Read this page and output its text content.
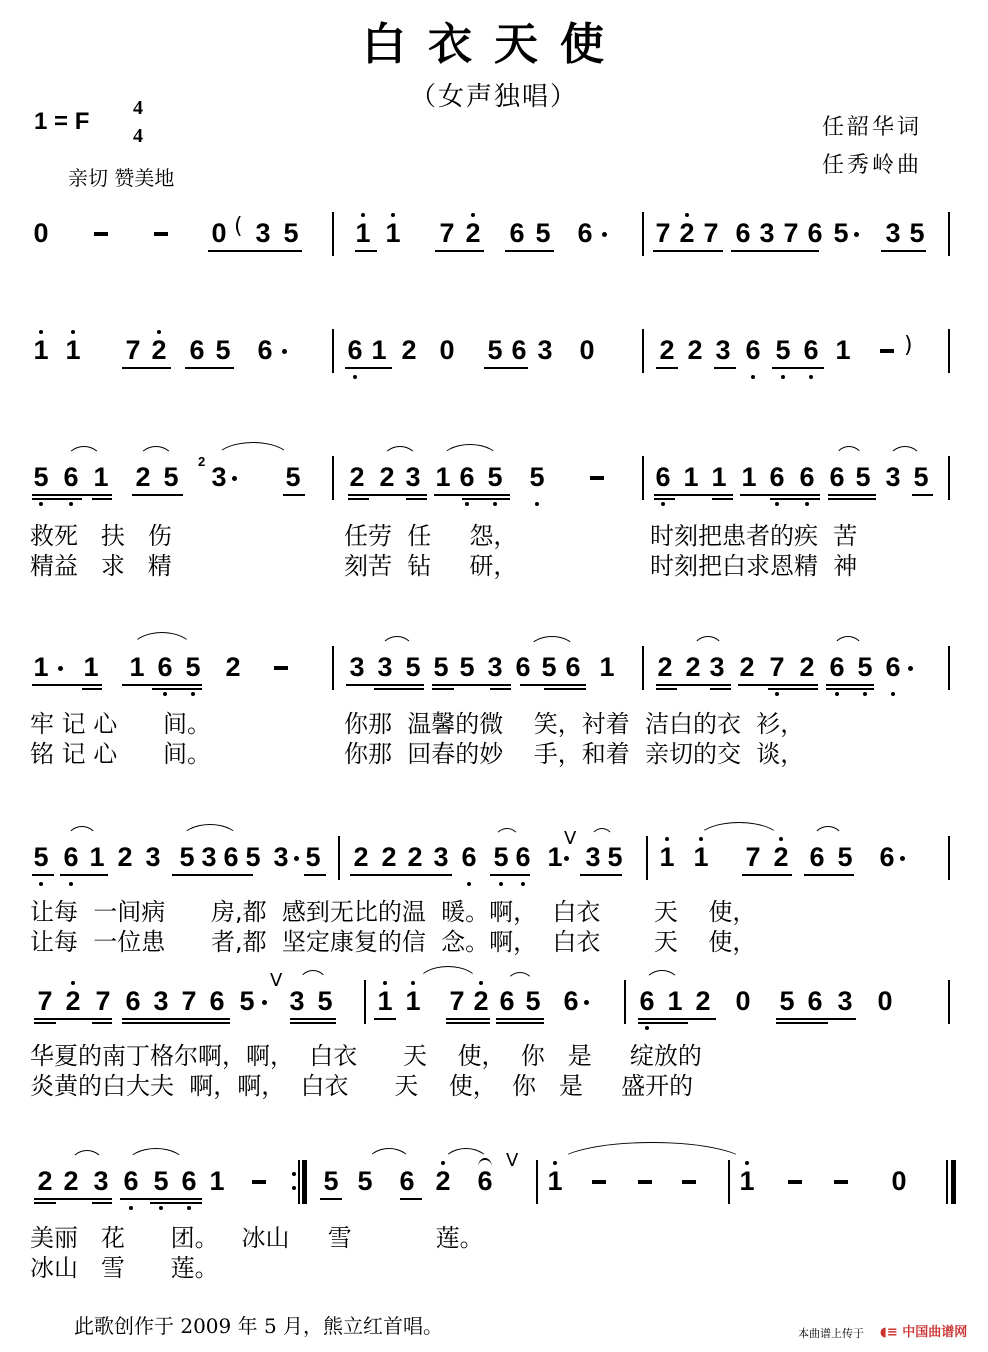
白衣天使
（女声独唱）
1 = F 4
4
亲切 赞美地
任韶华词
任秀岭曲
0	0 3 5 1 1 7 2 6 5 6 7 2 7 6 3 7 6 5 3 5
(
1 1 7 2 6 5 6	6 1 2 0 5 6 3 0 2 2 3 6 5 6 1 )
5 6 1 2 5 3 5 2 2 3 1 6 5 5	6 1 1 1 6 6 6 5 3 5
2
救死   扶   伤
精益   求   精
任劳  任     怨，
刻苦  钻     研，
时刻把患者的疾  苦
时刻把白求恩精  神
1 1 1 6 5 2	3 3 5 5 5 3 6 5 6 1 2 2 3 2 7 2 6 5 6
牢 记 心      间。
铭 记 心      间。
你那  温馨的微    笑，衬着  洁白的衣  衫，
你那  回春的妙    手，和着  亲切的交  谈，
5 6 1 2 3 5 3 6 5 3 5 2 2 2 3 6 5 6 1 3 5 1 1 7 2 6 5 6
V
让每  一间病      房,都  感到无比的温  暖。啊，  白衣       天    使，
让每  一位患      者,都  坚定康复的信  念。啊，  白衣       天    使，
7 2 7 6 3 7 6 5 3 5 1 1 7 2 6 5 6 6 1 2 0 5 6 3 0
V
华夏的南丁格尔啊，啊，  白衣      天    使，  你   是     绽放的
炎黄的白大夫  啊，啊，  白衣      天    使，  你   是     盛开的
2 2 3 6 5 6 1	5 5 6 2 6 1	1	0
V
美丽   花      团。   冰山     雪           莲。
冰山   雪      莲。
此歌创作于 2009 年 5 月，熊立红首唱。	本曲谱上传于 ◖≡ 中国曲谱网
